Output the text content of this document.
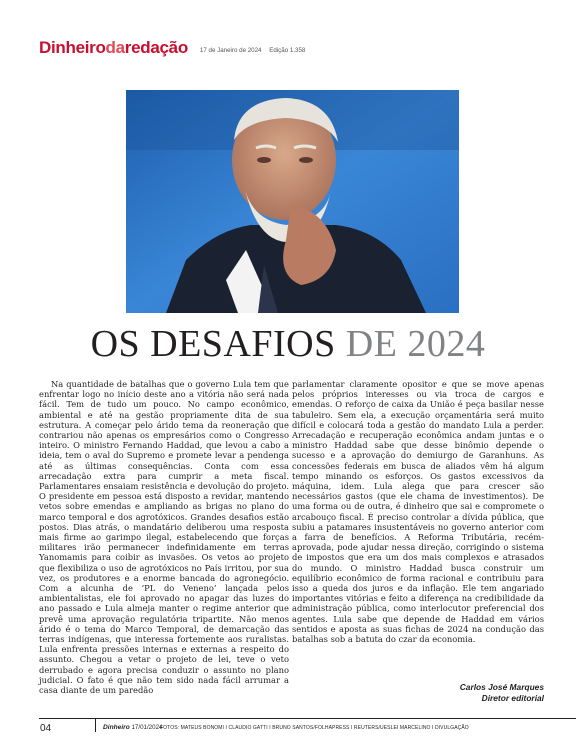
Dinheirodaredação 17 de Janeiro de 2024 Edição 1.358
OS DESAFIOS DE 2024
Na quantidade de batalhas que o governo Lula tem que enfrentar logo no início deste ano a vitória não será nada fácil. Tem de tudo um pouco. No campo econômico, ambiental e até na gestão propriamente dita de sua estrutura. A começar pelo árido tema da reoneração que contrariou não apenas os empresários como o Congresso inteiro. O ministro Fernando Haddad, que levou a cabo a ideia, tem o aval do Supremo e promete levar a pendenga até as últimas consequências. Conta com essa arrecadação extra para cumprir a meta fiscal. Parlamentares ensaiam resistência e devolução do projeto. O presidente em pessoa está disposto a revidar, mantendo vetos sobre emendas e ampliando as brigas no plano do marco temporal e dos agrotóxicos. Grandes desafios estão postos. Dias atrás, o mandatário deliberou uma resposta mais firme ao garimpo ilegal, estabelecendo que forças militares irão permanecer indefinidamente em terras Yanomamis para coibir as invasões. Os vetos ao projeto que flexibiliza o uso de agrotóxicos no País irritou, por sua vez, os produtores e a enorme bancada do agronegócio. Com a alcunha de ‘PL do Veneno’ lançada pelos ambientalistas, ele foi aprovado no apagar das luzes do ano passado e Lula almeja manter o regime anterior que prevê uma aprovação regulatória tripartite. Não menos árido é o tema do Marco Temporal, de demarcação das terras indígenas, que interessa fortemente aos ruralistas. Lula enfrenta pressões internas e externas a respeito do assunto. Chegou a vetar o projeto de lei, teve o veto derrubado e agora precisa conduzir o assunto no plano judicial. O fato é que não tem sido nada fácil arrumar a casa diante de um paredão
parlamentar claramente opositor e que se move apenas pelos próprios interesses ou via troca de cargos e emendas. O reforço de caixa da União é peça basilar nesse tabuleiro. Sem ela, a execução orçamentária será muito difícil e colocará toda a gestão do mandato Lula a perder. Arrecadação e recuperação econômica andam juntas e o ministro Haddad sabe que desse binômio depende o sucesso e a aprovação do demiurgo de Garanhuns. As concessões federais em busca de aliados vêm há algum tempo minando os esforços. Os gastos excessivos da máquina, idem. Lula alega que para crescer são necessários gastos (que ele chama de investimentos). De uma forma ou de outra, é dinheiro que sai e compromete o arcabouço fiscal. É preciso controlar a dívida pública, que subiu a patamares insustentáveis no governo anterior com a farra de benefícios. A Reforma Tributária, recém-aprovada, pode ajudar nessa direção, corrigindo o sistema de impostos que era um dos mais complexos e atrasados do mundo. O ministro Haddad busca construir um equilíbrio econômico de forma racional e contribuiu para isso a queda dos juros e da inflação. Ele tem angariado importantes vitórias e feito a diferença na credibilidade da administração pública, como interlocutor preferencial dos agentes. Lula sabe que depende de Haddad em vários sentidos e aposta as suas fichas de 2024 na condução das batalhas sob a batuta do czar da economia.
Carlos José Marques
Diretor editorial
04	Dinheiro 17/01/2024
FOTOS: MATEUS BONOMI I CLAUDIO GATTI I BRUNO SANTOS/FOLHAPRESS I REUTERS/UESLEI MARCELINO I DIVULGAÇÃO
